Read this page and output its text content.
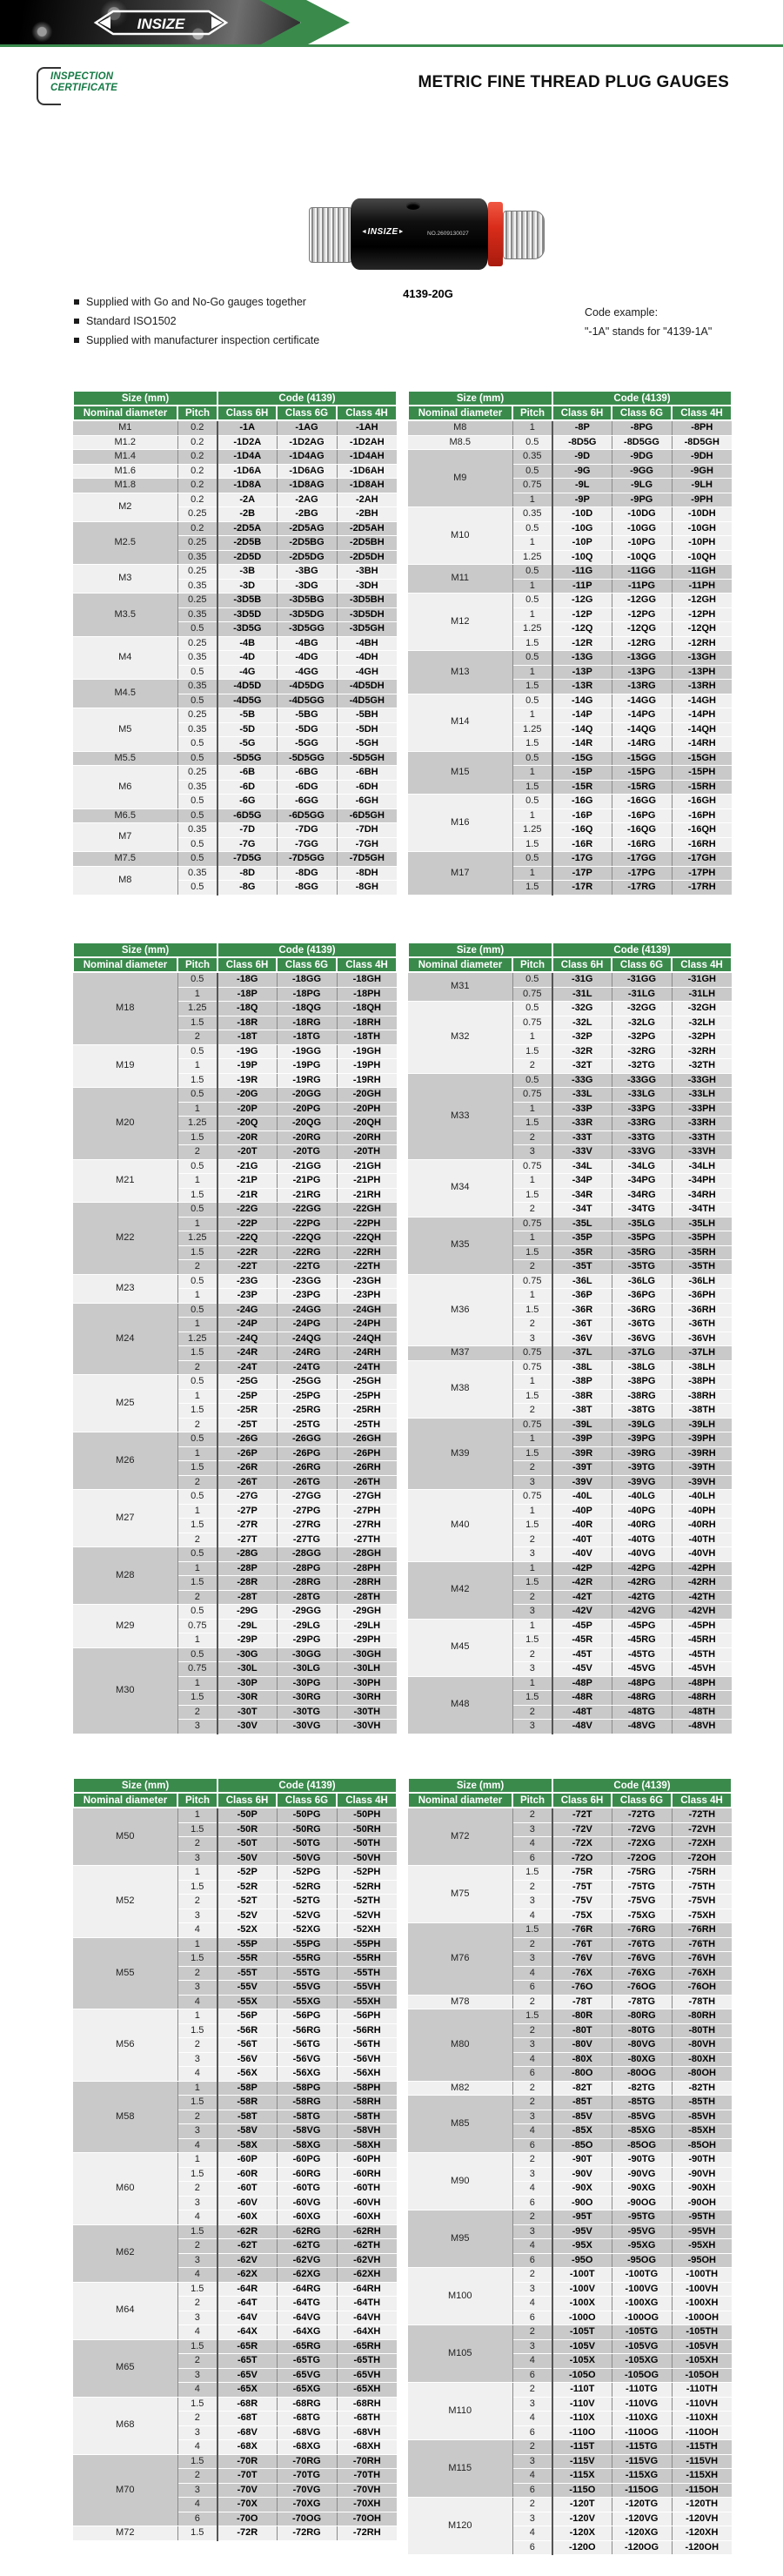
INSIZE
INSPECTION
CERTIFICATE	METRIC FINE THREAD PLUG GAUGES
◄INSIZE►	NO.2609130027
4139-20G
Supplied with Go and No-Go gauges together
Standard ISO1502
Supplied with manufacturer inspection certificate
Code example:
"-1A" stands for "4139-1A"
Size (mm)		Code (4139)		
Nominal diameter	Pitch	Class 6H	Class 6G	Class 4H
M1	0.2	-1A	-1AG	-1AH
M1.2	0.2	-1D2A	-1D2AG	-1D2AH
M1.4	0.2	-1D4A	-1D4AG	-1D4AH
M1.6	0.2	-1D6A	-1D6AG	-1D6AH
M1.8	0.2	-1D8A	-1D8AG	-1D8AH
M2	0.2	-2A	-2AG	-2AH
	0.25	-2B	-2BG	-2BH
M2.5	0.2	-2D5A	-2D5AG	-2D5AH
	0.25	-2D5B	-2D5BG	-2D5BH
	0.35	-2D5D	-2D5DG	-2D5DH
M3	0.25	-3B	-3BG	-3BH
	0.35	-3D	-3DG	-3DH
M3.5	0.25	-3D5B	-3D5BG	-3D5BH
	0.35	-3D5D	-3D5DG	-3D5DH
	0.5	-3D5G	-3D5GG	-3D5GH
M4	0.25	-4B	-4BG	-4BH
	0.35	-4D	-4DG	-4DH
	0.5	-4G	-4GG	-4GH
M4.5	0.35	-4D5D	-4D5DG	-4D5DH
	0.5	-4D5G	-4D5GG	-4D5GH
M5	0.25	-5B	-5BG	-5BH
	0.35	-5D	-5DG	-5DH
	0.5	-5G	-5GG	-5GH
M5.5	0.5	-5D5G	-5D5GG	-5D5GH
M6	0.25	-6B	-6BG	-6BH
	0.35	-6D	-6DG	-6DH
	0.5	-6G	-6GG	-6GH
M6.5	0.5	-6D5G	-6D5GG	-6D5GH
M7	0.35	-7D	-7DG	-7DH
	0.5	-7G	-7GG	-7GH
M7.5	0.5	-7D5G	-7D5GG	-7D5GH
M8	0.35	-8D	-8DG	-8DH
	0.5	-8G	-8GG	-8GH
Size (mm)		Code (4139)		
Nominal diameter	Pitch	Class 6H	Class 6G	Class 4H
M8	1	-8P	-8PG	-8PH
M8.5	0.5	-8D5G	-8D5GG	-8D5GH
M9	0.35	-9D	-9DG	-9DH
	0.5	-9G	-9GG	-9GH
	0.75	-9L	-9LG	-9LH
	1	-9P	-9PG	-9PH
M10	0.35	-10D	-10DG	-10DH
	0.5	-10G	-10GG	-10GH
	1	-10P	-10PG	-10PH
	1.25	-10Q	-10QG	-10QH
M11	0.5	-11G	-11GG	-11GH
	1	-11P	-11PG	-11PH
M12	0.5	-12G	-12GG	-12GH
	1	-12P	-12PG	-12PH
	1.25	-12Q	-12QG	-12QH
	1.5	-12R	-12RG	-12RH
M13	0.5	-13G	-13GG	-13GH
	1	-13P	-13PG	-13PH
	1.5	-13R	-13RG	-13RH
M14	0.5	-14G	-14GG	-14GH
	1	-14P	-14PG	-14PH
	1.25	-14Q	-14QG	-14QH
	1.5	-14R	-14RG	-14RH
M15	0.5	-15G	-15GG	-15GH
	1	-15P	-15PG	-15PH
	1.5	-15R	-15RG	-15RH
M16	0.5	-16G	-16GG	-16GH
	1	-16P	-16PG	-16PH
	1.25	-16Q	-16QG	-16QH
	1.5	-16R	-16RG	-16RH
M17	0.5	-17G	-17GG	-17GH
	1	-17P	-17PG	-17PH
	1.5	-17R	-17RG	-17RH
Size (mm)		Code (4139)		
Nominal diameter	Pitch	Class 6H	Class 6G	Class 4H
M18	0.5	-18G	-18GG	-18GH
	1	-18P	-18PG	-18PH
	1.25	-18Q	-18QG	-18QH
	1.5	-18R	-18RG	-18RH
	2	-18T	-18TG	-18TH
M19	0.5	-19G	-19GG	-19GH
	1	-19P	-19PG	-19PH
	1.5	-19R	-19RG	-19RH
M20	0.5	-20G	-20GG	-20GH
	1	-20P	-20PG	-20PH
	1.25	-20Q	-20QG	-20QH
	1.5	-20R	-20RG	-20RH
	2	-20T	-20TG	-20TH
M21	0.5	-21G	-21GG	-21GH
	1	-21P	-21PG	-21PH
	1.5	-21R	-21RG	-21RH
M22	0.5	-22G	-22GG	-22GH
	1	-22P	-22PG	-22PH
	1.25	-22Q	-22QG	-22QH
	1.5	-22R	-22RG	-22RH
	2	-22T	-22TG	-22TH
M23	0.5	-23G	-23GG	-23GH
	1	-23P	-23PG	-23PH
M24	0.5	-24G	-24GG	-24GH
	1	-24P	-24PG	-24PH
	1.25	-24Q	-24QG	-24QH
	1.5	-24R	-24RG	-24RH
	2	-24T	-24TG	-24TH
M25	0.5	-25G	-25GG	-25GH
	1	-25P	-25PG	-25PH
	1.5	-25R	-25RG	-25RH
	2	-25T	-25TG	-25TH
M26	0.5	-26G	-26GG	-26GH
	1	-26P	-26PG	-26PH
	1.5	-26R	-26RG	-26RH
	2	-26T	-26TG	-26TH
M27	0.5	-27G	-27GG	-27GH
	1	-27P	-27PG	-27PH
	1.5	-27R	-27RG	-27RH
	2	-27T	-27TG	-27TH
M28	0.5	-28G	-28GG	-28GH
	1	-28P	-28PG	-28PH
	1.5	-28R	-28RG	-28RH
	2	-28T	-28TG	-28TH
M29	0.5	-29G	-29GG	-29GH
	0.75	-29L	-29LG	-29LH
	1	-29P	-29PG	-29PH
M30	0.5	-30G	-30GG	-30GH
	0.75	-30L	-30LG	-30LH
	1	-30P	-30PG	-30PH
	1.5	-30R	-30RG	-30RH
	2	-30T	-30TG	-30TH
	3	-30V	-30VG	-30VH
Size (mm)		Code (4139)		
Nominal diameter	Pitch	Class 6H	Class 6G	Class 4H
M31	0.5	-31G	-31GG	-31GH
	0.75	-31L	-31LG	-31LH
M32	0.5	-32G	-32GG	-32GH
	0.75	-32L	-32LG	-32LH
	1	-32P	-32PG	-32PH
	1.5	-32R	-32RG	-32RH
	2	-32T	-32TG	-32TH
M33	0.5	-33G	-33GG	-33GH
	0.75	-33L	-33LG	-33LH
	1	-33P	-33PG	-33PH
	1.5	-33R	-33RG	-33RH
	2	-33T	-33TG	-33TH
	3	-33V	-33VG	-33VH
M34	0.75	-34L	-34LG	-34LH
	1	-34P	-34PG	-34PH
	1.5	-34R	-34RG	-34RH
	2	-34T	-34TG	-34TH
M35	0.75	-35L	-35LG	-35LH
	1	-35P	-35PG	-35PH
	1.5	-35R	-35RG	-35RH
	2	-35T	-35TG	-35TH
M36	0.75	-36L	-36LG	-36LH
	1	-36P	-36PG	-36PH
	1.5	-36R	-36RG	-36RH
	2	-36T	-36TG	-36TH
	3	-36V	-36VG	-36VH
M37	0.75	-37L	-37LG	-37LH
M38	0.75	-38L	-38LG	-38LH
	1	-38P	-38PG	-38PH
	1.5	-38R	-38RG	-38RH
	2	-38T	-38TG	-38TH
M39	0.75	-39L	-39LG	-39LH
	1	-39P	-39PG	-39PH
	1.5	-39R	-39RG	-39RH
	2	-39T	-39TG	-39TH
	3	-39V	-39VG	-39VH
M40	0.75	-40L	-40LG	-40LH
	1	-40P	-40PG	-40PH
	1.5	-40R	-40RG	-40RH
	2	-40T	-40TG	-40TH
	3	-40V	-40VG	-40VH
M42	1	-42P	-42PG	-42PH
	1.5	-42R	-42RG	-42RH
	2	-42T	-42TG	-42TH
	3	-42V	-42VG	-42VH
M45	1	-45P	-45PG	-45PH
	1.5	-45R	-45RG	-45RH
	2	-45T	-45TG	-45TH
	3	-45V	-45VG	-45VH
M48	1	-48P	-48PG	-48PH
	1.5	-48R	-48RG	-48RH
	2	-48T	-48TG	-48TH
	3	-48V	-48VG	-48VH
Size (mm)		Code (4139)		
Nominal diameter	Pitch	Class 6H	Class 6G	Class 4H
M50	1	-50P	-50PG	-50PH
	1.5	-50R	-50RG	-50RH
	2	-50T	-50TG	-50TH
	3	-50V	-50VG	-50VH
M52	1	-52P	-52PG	-52PH
	1.5	-52R	-52RG	-52RH
	2	-52T	-52TG	-52TH
	3	-52V	-52VG	-52VH
	4	-52X	-52XG	-52XH
M55	1	-55P	-55PG	-55PH
	1.5	-55R	-55RG	-55RH
	2	-55T	-55TG	-55TH
	3	-55V	-55VG	-55VH
	4	-55X	-55XG	-55XH
M56	1	-56P	-56PG	-56PH
	1.5	-56R	-56RG	-56RH
	2	-56T	-56TG	-56TH
	3	-56V	-56VG	-56VH
	4	-56X	-56XG	-56XH
M58	1	-58P	-58PG	-58PH
	1.5	-58R	-58RG	-58RH
	2	-58T	-58TG	-58TH
	3	-58V	-58VG	-58VH
	4	-58X	-58XG	-58XH
M60	1	-60P	-60PG	-60PH
	1.5	-60R	-60RG	-60RH
	2	-60T	-60TG	-60TH
	3	-60V	-60VG	-60VH
	4	-60X	-60XG	-60XH
M62	1.5	-62R	-62RG	-62RH
	2	-62T	-62TG	-62TH
	3	-62V	-62VG	-62VH
	4	-62X	-62XG	-62XH
M64	1.5	-64R	-64RG	-64RH
	2	-64T	-64TG	-64TH
	3	-64V	-64VG	-64VH
	4	-64X	-64XG	-64XH
M65	1.5	-65R	-65RG	-65RH
	2	-65T	-65TG	-65TH
	3	-65V	-65VG	-65VH
	4	-65X	-65XG	-65XH
M68	1.5	-68R	-68RG	-68RH
	2	-68T	-68TG	-68TH
	3	-68V	-68VG	-68VH
	4	-68X	-68XG	-68XH
M70	1.5	-70R	-70RG	-70RH
	2	-70T	-70TG	-70TH
	3	-70V	-70VG	-70VH
	4	-70X	-70XG	-70XH
	6	-70O	-70OG	-70OH
M72	1.5	-72R	-72RG	-72RH
Size (mm)		Code (4139)		
Nominal diameter	Pitch	Class 6H	Class 6G	Class 4H
M72	2	-72T	-72TG	-72TH
	3	-72V	-72VG	-72VH
	4	-72X	-72XG	-72XH
	6	-72O	-72OG	-72OH
M75	1.5	-75R	-75RG	-75RH
	2	-75T	-75TG	-75TH
	3	-75V	-75VG	-75VH
	4	-75X	-75XG	-75XH
M76	1.5	-76R	-76RG	-76RH
	2	-76T	-76TG	-76TH
	3	-76V	-76VG	-76VH
	4	-76X	-76XG	-76XH
	6	-76O	-76OG	-76OH
M78	2	-78T	-78TG	-78TH
M80	1.5	-80R	-80RG	-80RH
	2	-80T	-80TG	-80TH
	3	-80V	-80VG	-80VH
	4	-80X	-80XG	-80XH
	6	-80O	-80OG	-80OH
M82	2	-82T	-82TG	-82TH
M85	2	-85T	-85TG	-85TH
	3	-85V	-85VG	-85VH
	4	-85X	-85XG	-85XH
	6	-85O	-85OG	-85OH
M90	2	-90T	-90TG	-90TH
	3	-90V	-90VG	-90VH
	4	-90X	-90XG	-90XH
	6	-90O	-90OG	-90OH
M95	2	-95T	-95TG	-95TH
	3	-95V	-95VG	-95VH
	4	-95X	-95XG	-95XH
	6	-95O	-95OG	-95OH
M100	2	-100T	-100TG	-100TH
	3	-100V	-100VG	-100VH
	4	-100X	-100XG	-100XH
	6	-100O	-100OG	-100OH
M105	2	-105T	-105TG	-105TH
	3	-105V	-105VG	-105VH
	4	-105X	-105XG	-105XH
	6	-105O	-105OG	-105OH
M110	2	-110T	-110TG	-110TH
	3	-110V	-110VG	-110VH
	4	-110X	-110XG	-110XH
	6	-110O	-110OG	-110OH
M115	2	-115T	-115TG	-115TH
	3	-115V	-115VG	-115VH
	4	-115X	-115XG	-115XH
	6	-115O	-115OG	-115OH
M120	2	-120T	-120TG	-120TH
	3	-120V	-120VG	-120VH
	4	-120X	-120XG	-120XH
	6	-120O	-120OG	-120OH
